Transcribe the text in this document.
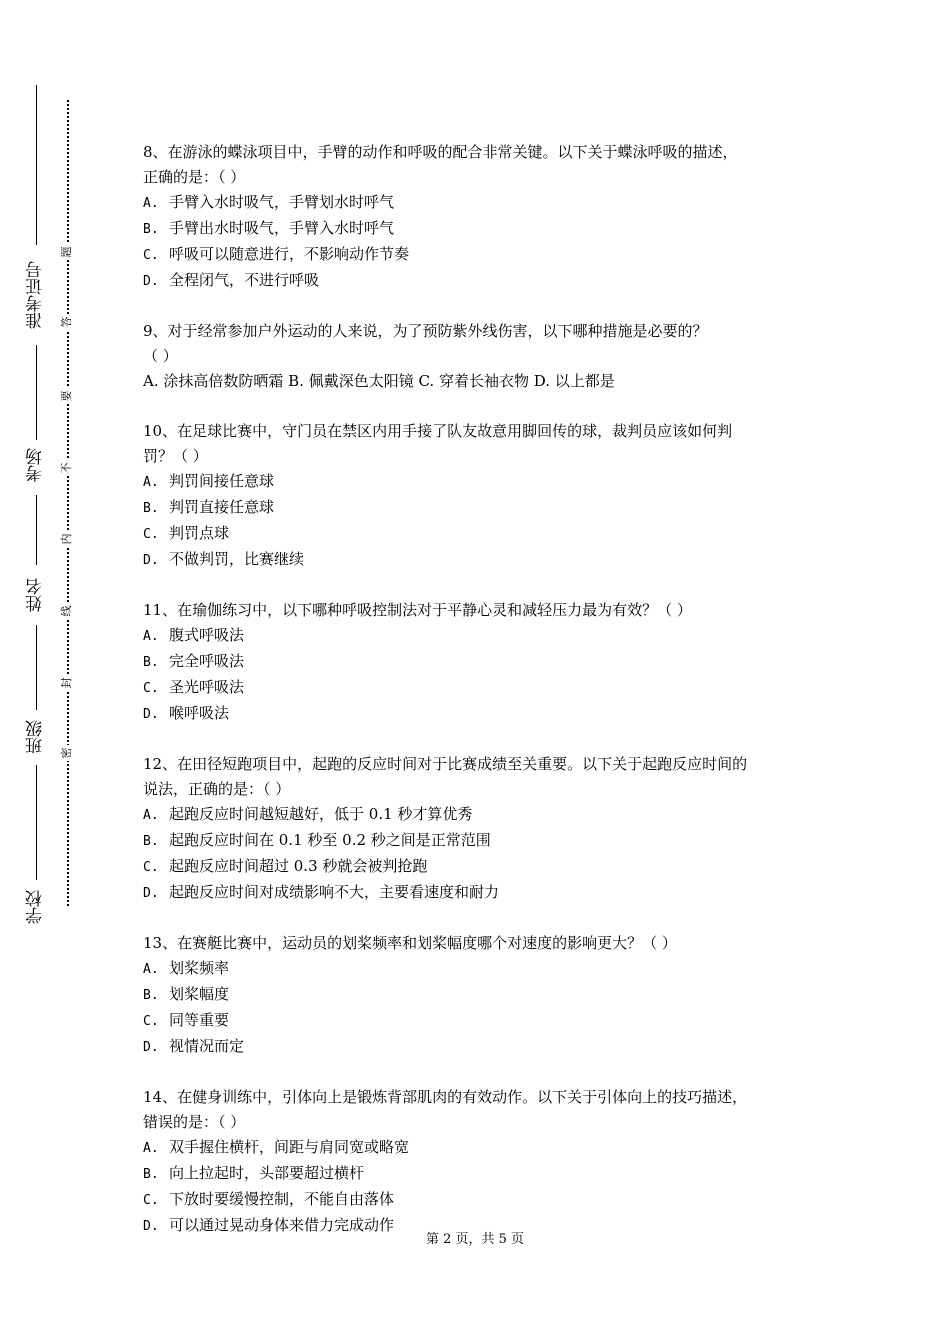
准考证号
考场
姓名
班级
学校
题
答
要
不
内
线
封
密
8、在游泳的蝶泳项目中，手臂的动作和呼吸的配合非常关键。以下关于蝶泳呼吸的描述，
正确的是：（ ）
A. 手臂入水时吸气，手臂划水时呼气
B. 手臂出水时吸气，手臂入水时呼气
C. 呼吸可以随意进行，不影响动作节奏
D. 全程闭气，不进行呼吸
9、对于经常参加户外运动的人来说，为了预防紫外线伤害，以下哪种措施是必要的？
（ ）
A. 涂抹高倍数防晒霜 B. 佩戴深色太阳镜 C. 穿着长袖衣物 D. 以上都是
10、在足球比赛中，守门员在禁区内用手接了队友故意用脚回传的球，裁判员应该如何判
罚？（ ）
A. 判罚间接任意球
B. 判罚直接任意球
C. 判罚点球
D. 不做判罚，比赛继续
11、在瑜伽练习中，以下哪种呼吸控制法对于平静心灵和减轻压力最为有效？（ ）
A. 腹式呼吸法
B. 完全呼吸法
C. 圣光呼吸法
D. 喉呼吸法
12、在田径短跑项目中，起跑的反应时间对于比赛成绩至关重要。以下关于起跑反应时间的
说法，正确的是：（ ）
A. 起跑反应时间越短越好，低于 0.1 秒才算优秀
B. 起跑反应时间在 0.1 秒至 0.2 秒之间是正常范围
C. 起跑反应时间超过 0.3 秒就会被判抢跑
D. 起跑反应时间对成绩影响不大，主要看速度和耐力
13、在赛艇比赛中，运动员的划桨频率和划桨幅度哪个对速度的影响更大？（ ）
A. 划桨频率
B. 划桨幅度
C. 同等重要
D. 视情况而定
14、在健身训练中，引体向上是锻炼背部肌肉的有效动作。以下关于引体向上的技巧描述，
错误的是：（ ）
A. 双手握住横杆，间距与肩同宽或略宽
B. 向上拉起时，头部要超过横杆
C. 下放时要缓慢控制，不能自由落体
D. 可以通过晃动身体来借力完成动作
第 2 页，共 5 页
